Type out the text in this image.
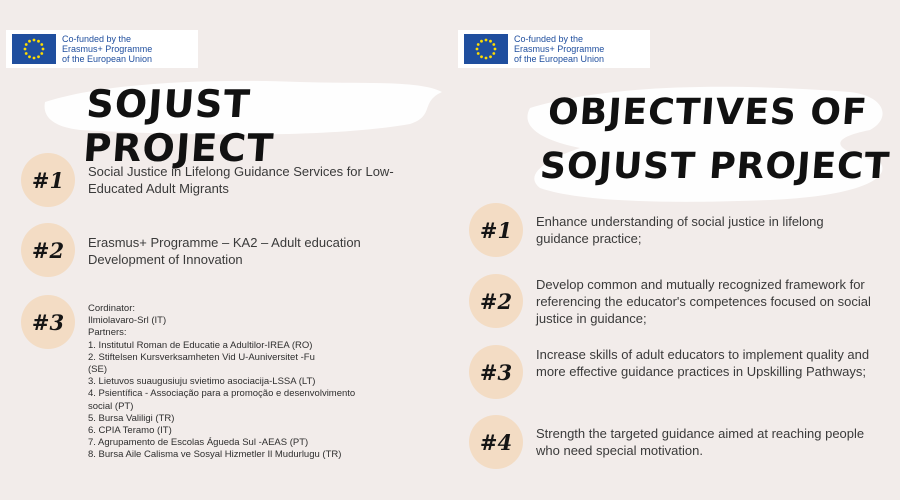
Co-funded by the
Erasmus+ Programme
of the European Union
SOJUST PROJECT
#1	Social Justice in Lifelong Guidance Services for Low-Educated Adult Migrants
#2	Erasmus+ Programme – KA2 – Adult education Development of Innovation
#3
Cordinator:
Ilmiolavaro-Srl (IT)
Partners:
1. Institutul Roman de Educatie a Adultilor-IREA (RO)
2. Stiftelsen Kursverksamheten Vid U-Auniversitet -Fu
(SE)
3. Lietuvos suaugusiuju svietimo asociacija-LSSA (LT)
4. Psientífica - Associação para a promoção e desenvolvimento
social (PT)
5. Bursa Valiligi (TR)
6. CPIA Teramo (IT)
7. Agrupamento de Escolas Águeda Sul -AEAS (PT)
8. Bursa Aile Calisma ve Sosyal Hizmetler Il Mudurlugu (TR)
Co-funded by the
Erasmus+ Programme
of the European Union
OBJECTIVES OF
SOJUST PROJECT
#1	Enhance understanding of social justice in lifelong guidance practice;
#2
Develop common and mutually recognized framework for referencing the educator's competences focused on social justice in guidance;
#3
Increase skills of adult educators to implement quality and more effective guidance practices in Upskilling Pathways;
#4	Strength the targeted guidance aimed at reaching people who need special motivation.
